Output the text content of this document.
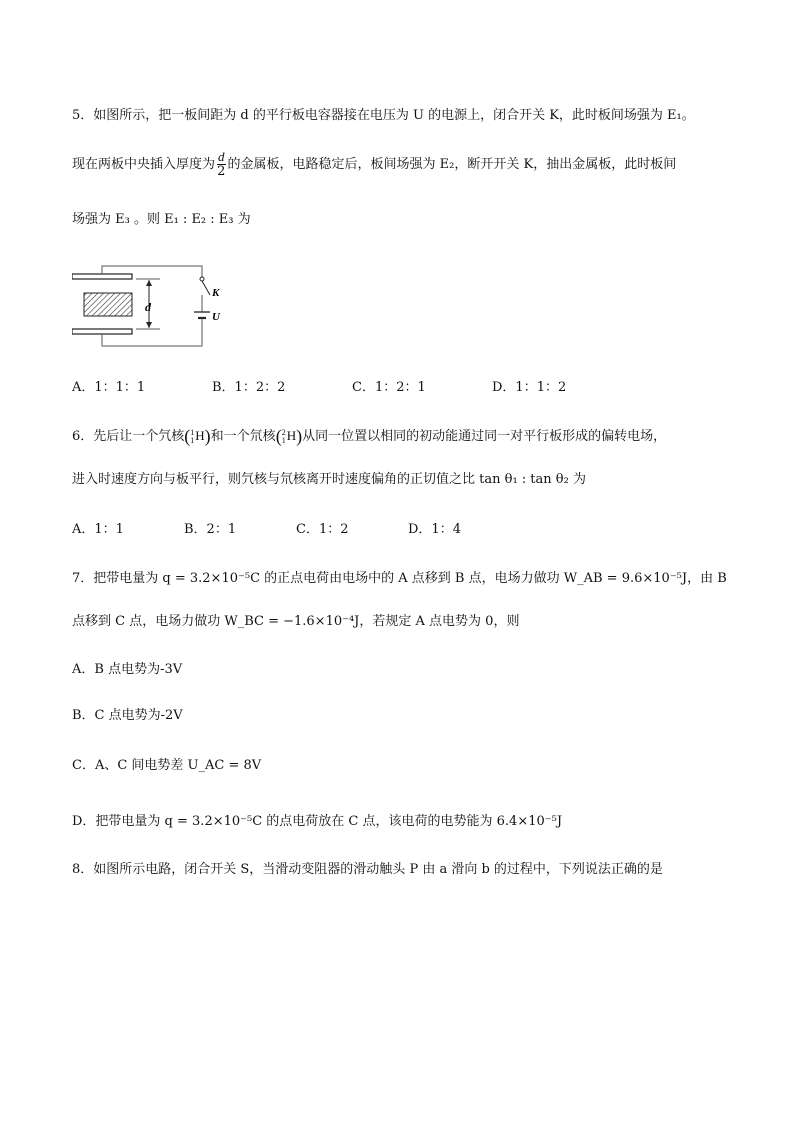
5．如图所示，把一板间距为 d 的平行板电容器接在电压为 U 的电源上，闭合开关 K，此时板间场强为 E₁。
现在两板中央插入厚度为 $\frac{d}{2}$ 的金属板，电路稳定后，板间场强为 E₂，断开开关 K，抽出金属板，此时板间
场强为 E₃ 。则 E₁ : E₂ : E₃ 为
d
K
U
A．1：1：1	B．1：2：2	C．1：2：1	D．1：1：2
6．先后让一个氕核( 1
1 H)和一个氘核( 2
1 H)从同一位置以相同的初动能通过同一对平行板形成的偏转电场，
进入时速度方向与板平行，则氕核与氘核离开时速度偏角的正切值之比 tan θ₁ : tan θ₂ 为
A．1：1	B．2：1	C．1：2	D．1：4
7．把带电量为 q = 3.2×10⁻⁵C 的正点电荷由电场中的 A 点移到 B 点，电场力做功 W_AB = 9.6×10⁻⁵J，由 B
点移到 C 点，电场力做功 W_BC = −1.6×10⁻⁴J，若规定 A 点电势为 0，则
A．B 点电势为-3V
B．C 点电势为-2V
C．A、C 间电势差 U_AC = 8V
D．把带电量为 q = 3.2×10⁻⁵C 的点电荷放在 C 点，该电荷的电势能为 6.4×10⁻⁵J
8．如图所示电路，闭合开关 S，当滑动变阻器的滑动触头 P 由 a 滑向 b 的过程中，下列说法正确的是
